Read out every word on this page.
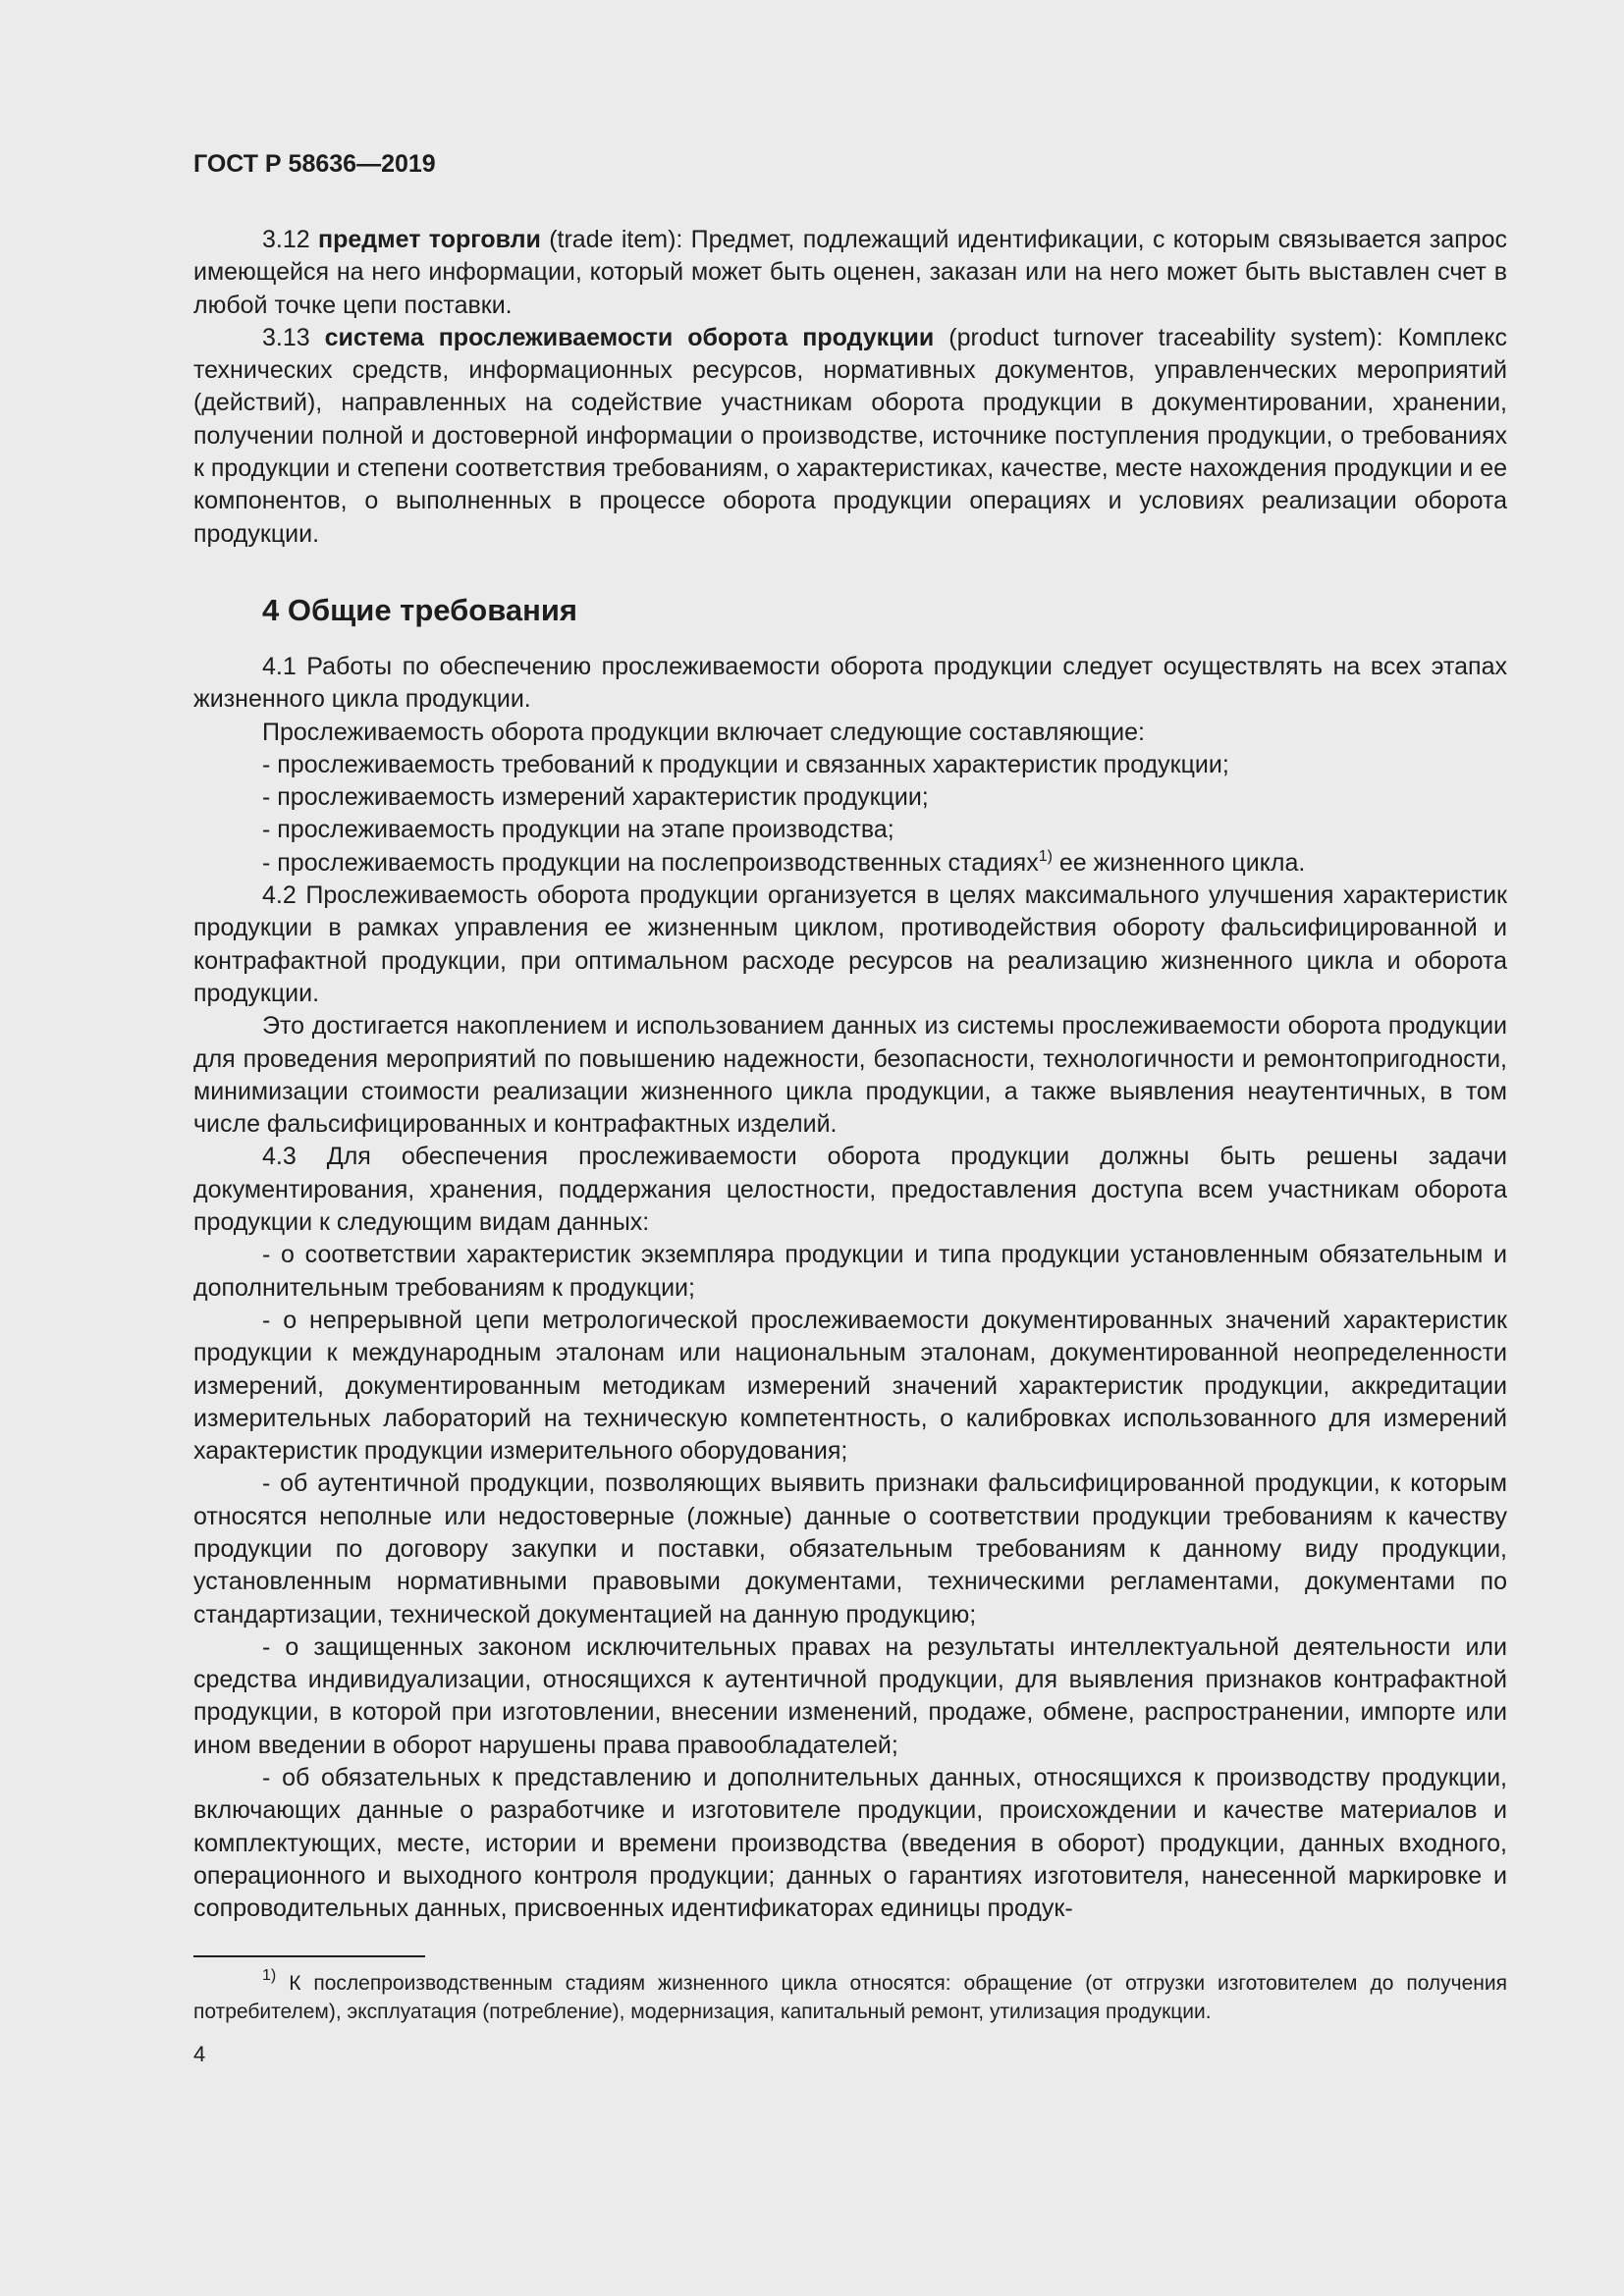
ГОСТ Р 58636—2019

3.12 предмет торговли (trade item): Предмет, подлежащий идентификации, с которым связывается запрос имеющейся на него информации, который может быть оценен, заказан или на него может быть выставлен счет в любой точке цепи поставки.

3.13 система прослеживаемости оборота продукции (product turnover traceability system): Комплекс технических средств, информационных ресурсов, нормативных документов, управленческих мероприятий (действий), направленных на содействие участникам оборота продукции в документировании, хранении, получении полной и достоверной информации о производстве, источнике поступления продукции, о требованиях к продукции и степени соответствия требованиям, о характеристиках, качестве, месте нахождения продукции и ее компонентов, о выполненных в процессе оборота продукции операциях и условиях реализации оборота продукции.

4 Общие требования

4.1 Работы по обеспечению прослеживаемости оборота продукции следует осуществлять на всех этапах жизненного цикла продукции.

Прослеживаемость оборота продукции включает следующие составляющие:

- прослеживаемость требований к продукции и связанных характеристик продукции;

- прослеживаемость измерений характеристик продукции;

- прослеживаемость продукции на этапе производства;

- прослеживаемость продукции на послепроизводственных стадиях$^{1)}$ ее жизненного цикла.

4.2 Прослеживаемость оборота продукции организуется в целях максимального улучшения характеристик продукции в рамках управления ее жизненным циклом, противодействия обороту фальсифицированной и контрафактной продукции, при оптимальном расходе ресурсов на реализацию жизненного цикла и оборота продукции.

Это достигается накоплением и использованием данных из системы прослеживаемости оборота продукции для проведения мероприятий по повышению надежности, безопасности, технологичности и ремонтопригодности, минимизации стоимости реализации жизненного цикла продукции, а также выявления неаутентичных, в том числе фальсифицированных и контрафактных изделий.

4.3 Для обеспечения прослеживаемости оборота продукции должны быть решены задачи документирования, хранения, поддержания целостности, предоставления доступа всем участникам оборота продукции к следующим видам данных:

- о соответствии характеристик экземпляра продукции и типа продукции установленным обязательным и дополнительным требованиям к продукции;

- о непрерывной цепи метрологической прослеживаемости документированных значений характеристик продукции к международным эталонам или национальным эталонам, документированной неопределенности измерений, документированным методикам измерений значений характеристик продукции, аккредитации измерительных лабораторий на техническую компетентность, о калибровках использованного для измерений характеристик продукции измерительного оборудования;

- об аутентичной продукции, позволяющих выявить признаки фальсифицированной продукции, к которым относятся неполные или недостоверные (ложные) данные о соответствии продукции требованиям к качеству продукции по договору закупки и поставки, обязательным требованиям к данному виду продукции, установленным нормативными правовыми документами, техническими регламентами, документами по стандартизации, технической документацией на данную продукцию;

- о защищенных законом исключительных правах на результаты интеллектуальной деятельности или средства индивидуализации, относящихся к аутентичной продукции, для выявления признаков контрафактной продукции, в которой при изготовлении, внесении изменений, продаже, обмене, распространении, импорте или ином введении в оборот нарушены права правообладателей;

- об обязательных к представлению и дополнительных данных, относящихся к производству продукции, включающих данные о разработчике и изготовителе продукции, происхождении и качестве материалов и комплектующих, месте, истории и времени производства (введения в оборот) продукции, данных входного, операционного и выходного контроля продукции; данных о гарантиях изготовителя, нанесенной маркировке и сопроводительных данных, присвоенных идентификаторах единицы продук-

$^{1)}$ К послепроизводственным стадиям жизненного цикла относятся: обращение (от отгрузки изготовителем до получения потребителем), эксплуатация (потребление), модернизация, капитальный ремонт, утилизация продукции.

4
